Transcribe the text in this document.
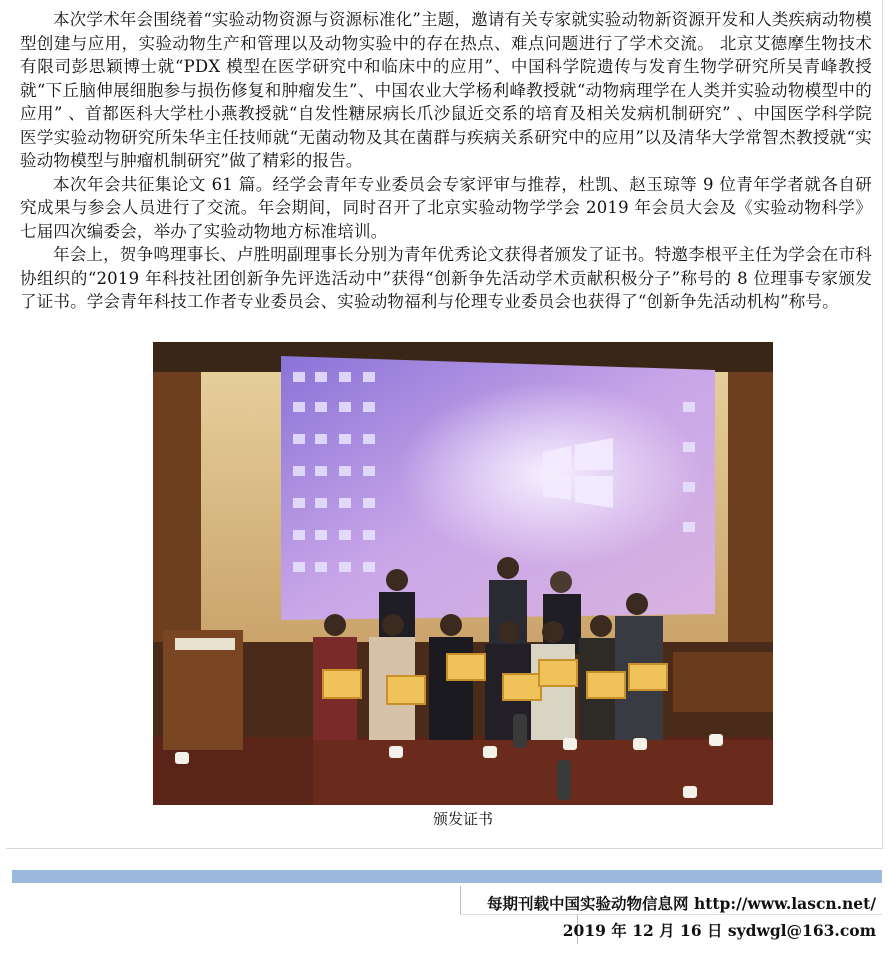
本次学术年会围绕着“实验动物资源与资源标准化”主题，邀请有关专家就实验动物新资源开发和人类疾病动物模型创建与应用，实验动物生产和管理以及动物实验中的存在热点、难点问题进行了学术交流。 北京艾德摩生物技术有限司彭思颖博士就“PDX 模型在医学研究中和临床中的应用”、中国科学院遗传与发育生物学研究所吴青峰教授就“下丘脑伸展细胞参与损伤修复和肿瘤发生”、中国农业大学杨利峰教授就“动物病理学在人类并实验动物模型中的应用” 、首都医科大学杜小燕教授就“自发性糖尿病长爪沙鼠近交系的培育及相关发病机制研究” 、中国医学科学院医学实验动物研究所朱华主任技师就“无菌动物及其在菌群与疾病关系研究中的应用”以及清华大学常智杰教授就“实验动物模型与肿瘤机制研究”做了精彩的报告。

本次年会共征集论文 61 篇。经学会青年专业委员会专家评审与推荐，杜凯、赵玉琼等 9 位青年学者就各自研究成果与参会人员进行了交流。年会期间，同时召开了北京实验动物学学会 2019 年会员大会及《实验动物科学》七届四次编委会，举办了实验动物地方标准培训。

年会上，贺争鸣理事长、卢胜明副理事长分别为青年优秀论文获得者颁发了证书。特邀李根平主任为学会在市科协组织的“2019 年科技社团创新争先评选活动中”获得“创新争先活动学术贡献积极分子”称号的 8 位理事专家颁发了证书。学会青年科技工作者专业委员会、实验动物福利与伦理专业委员会也获得了“创新争先活动机构”称号。

颁发证书
每期刊载中国实验动物信息网 http://www.lascn.net/
2019 年 12 月 16 日 sydwgl@163.com
